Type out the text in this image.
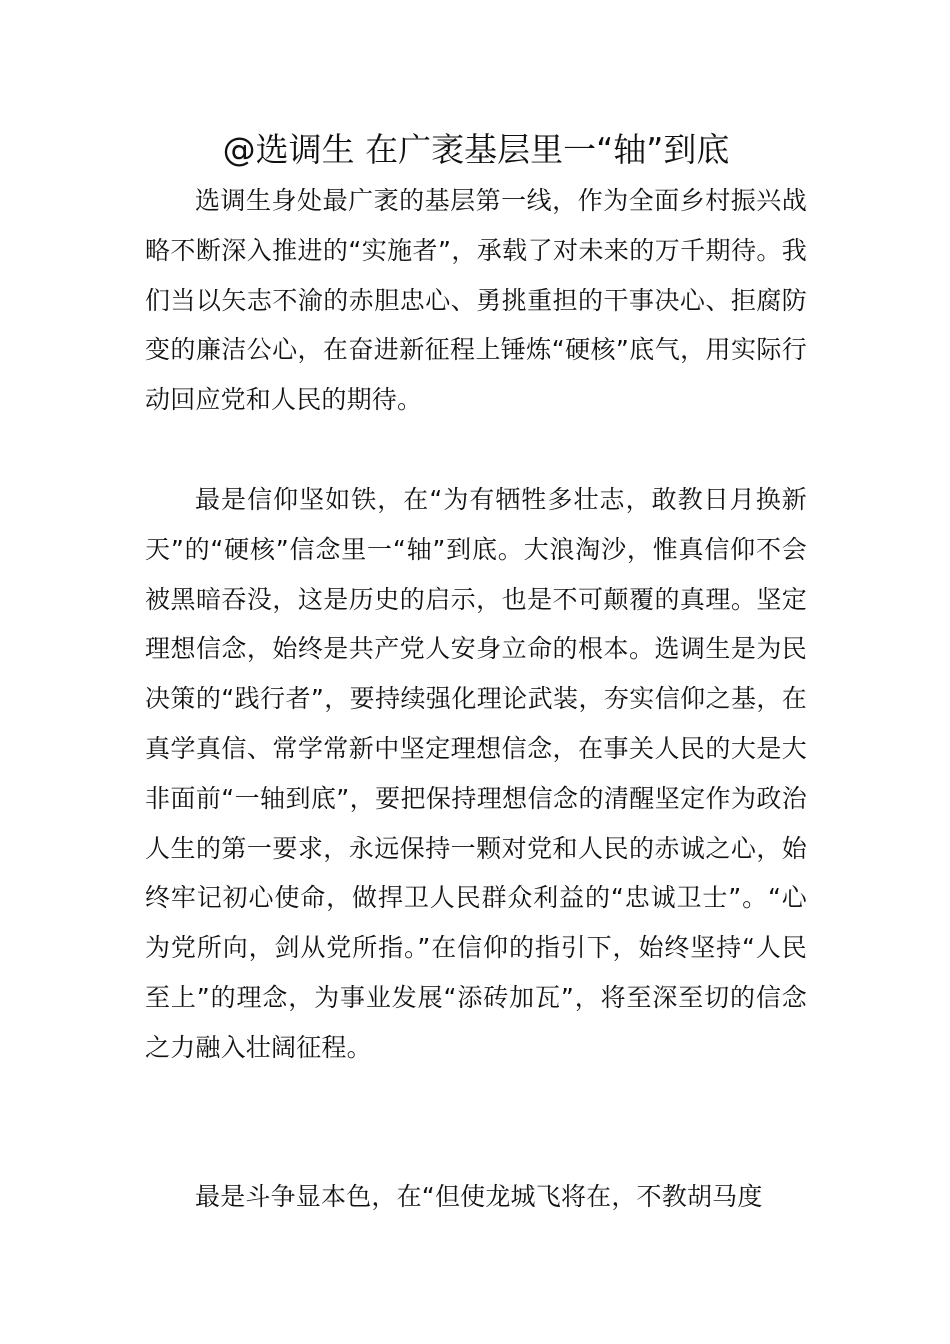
@选调生 在广袤基层里一“轴”到底

选调生身处最广袤的基层第一线，作为全面乡村振兴战略不断深入推进的“实施者”，承载了对未来的万千期待。我们当以矢志不渝的赤胆忠心、勇挑重担的干事决心、拒腐防变的廉洁公心，在奋进新征程上锤炼“硬核”底气，用实际行动回应党和人民的期待。

最是信仰坚如铁，在“为有牺牲多壮志，敢教日月换新天”的“硬核”信念里一“轴”到底。大浪淘沙，惟真信仰不会被黑暗吞没，这是历史的启示，也是不可颠覆的真理。坚定理想信念，始终是共产党人安身立命的根本。选调生是为民决策的“践行者”，要持续强化理论武装，夯实信仰之基，在真学真信、常学常新中坚定理想信念，在事关人民的大是大非面前“一轴到底”，要把保持理想信念的清醒坚定作为政治人生的第一要求，永远保持一颗对党和人民的赤诚之心，始终牢记初心使命，做捍卫人民群众利益的“忠诚卫士”。“心为党所向，剑从党所指。”在信仰的指引下，始终坚持“人民至上”的理念，为事业发展“添砖加瓦”，将至深至切的信念之力融入壮阔征程。

最是斗争显本色，在“但使龙城飞将在，不教胡马度
